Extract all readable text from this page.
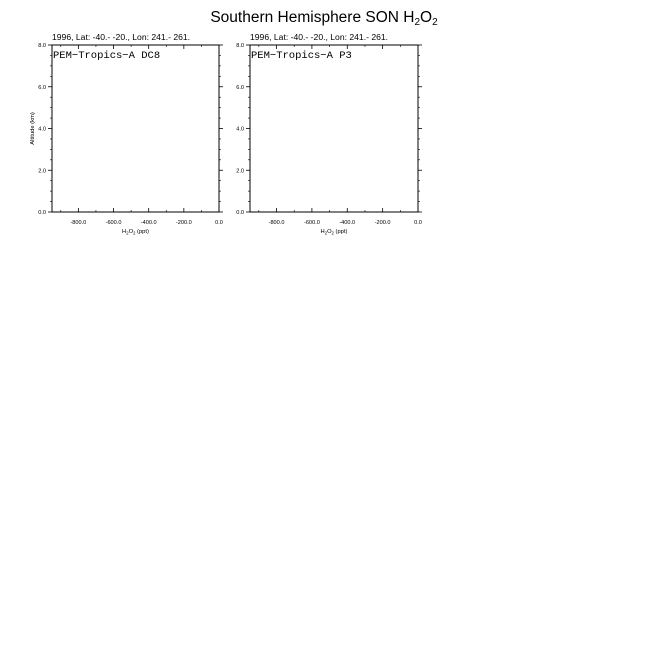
Southern Hemisphere SON $H_2O_2$
1996, Lat: -40.- -20., Lon: 241.- 261.
PEM−Tropics−A DC8
-800.0	-600.0	-400.0	-200.0	0.0
0.0
2.0
4.0
6.0
8.0
$H_2O_2$ (ppt)
Altitude (km)
1996, Lat: -40.- -20., Lon: 241.- 261.
PEM−Tropics−A P3
-800.0	-600.0	-400.0	-200.0	0.0
0.0
2.0
4.0
6.0
8.0
$H_2O_2$ (ppt)
